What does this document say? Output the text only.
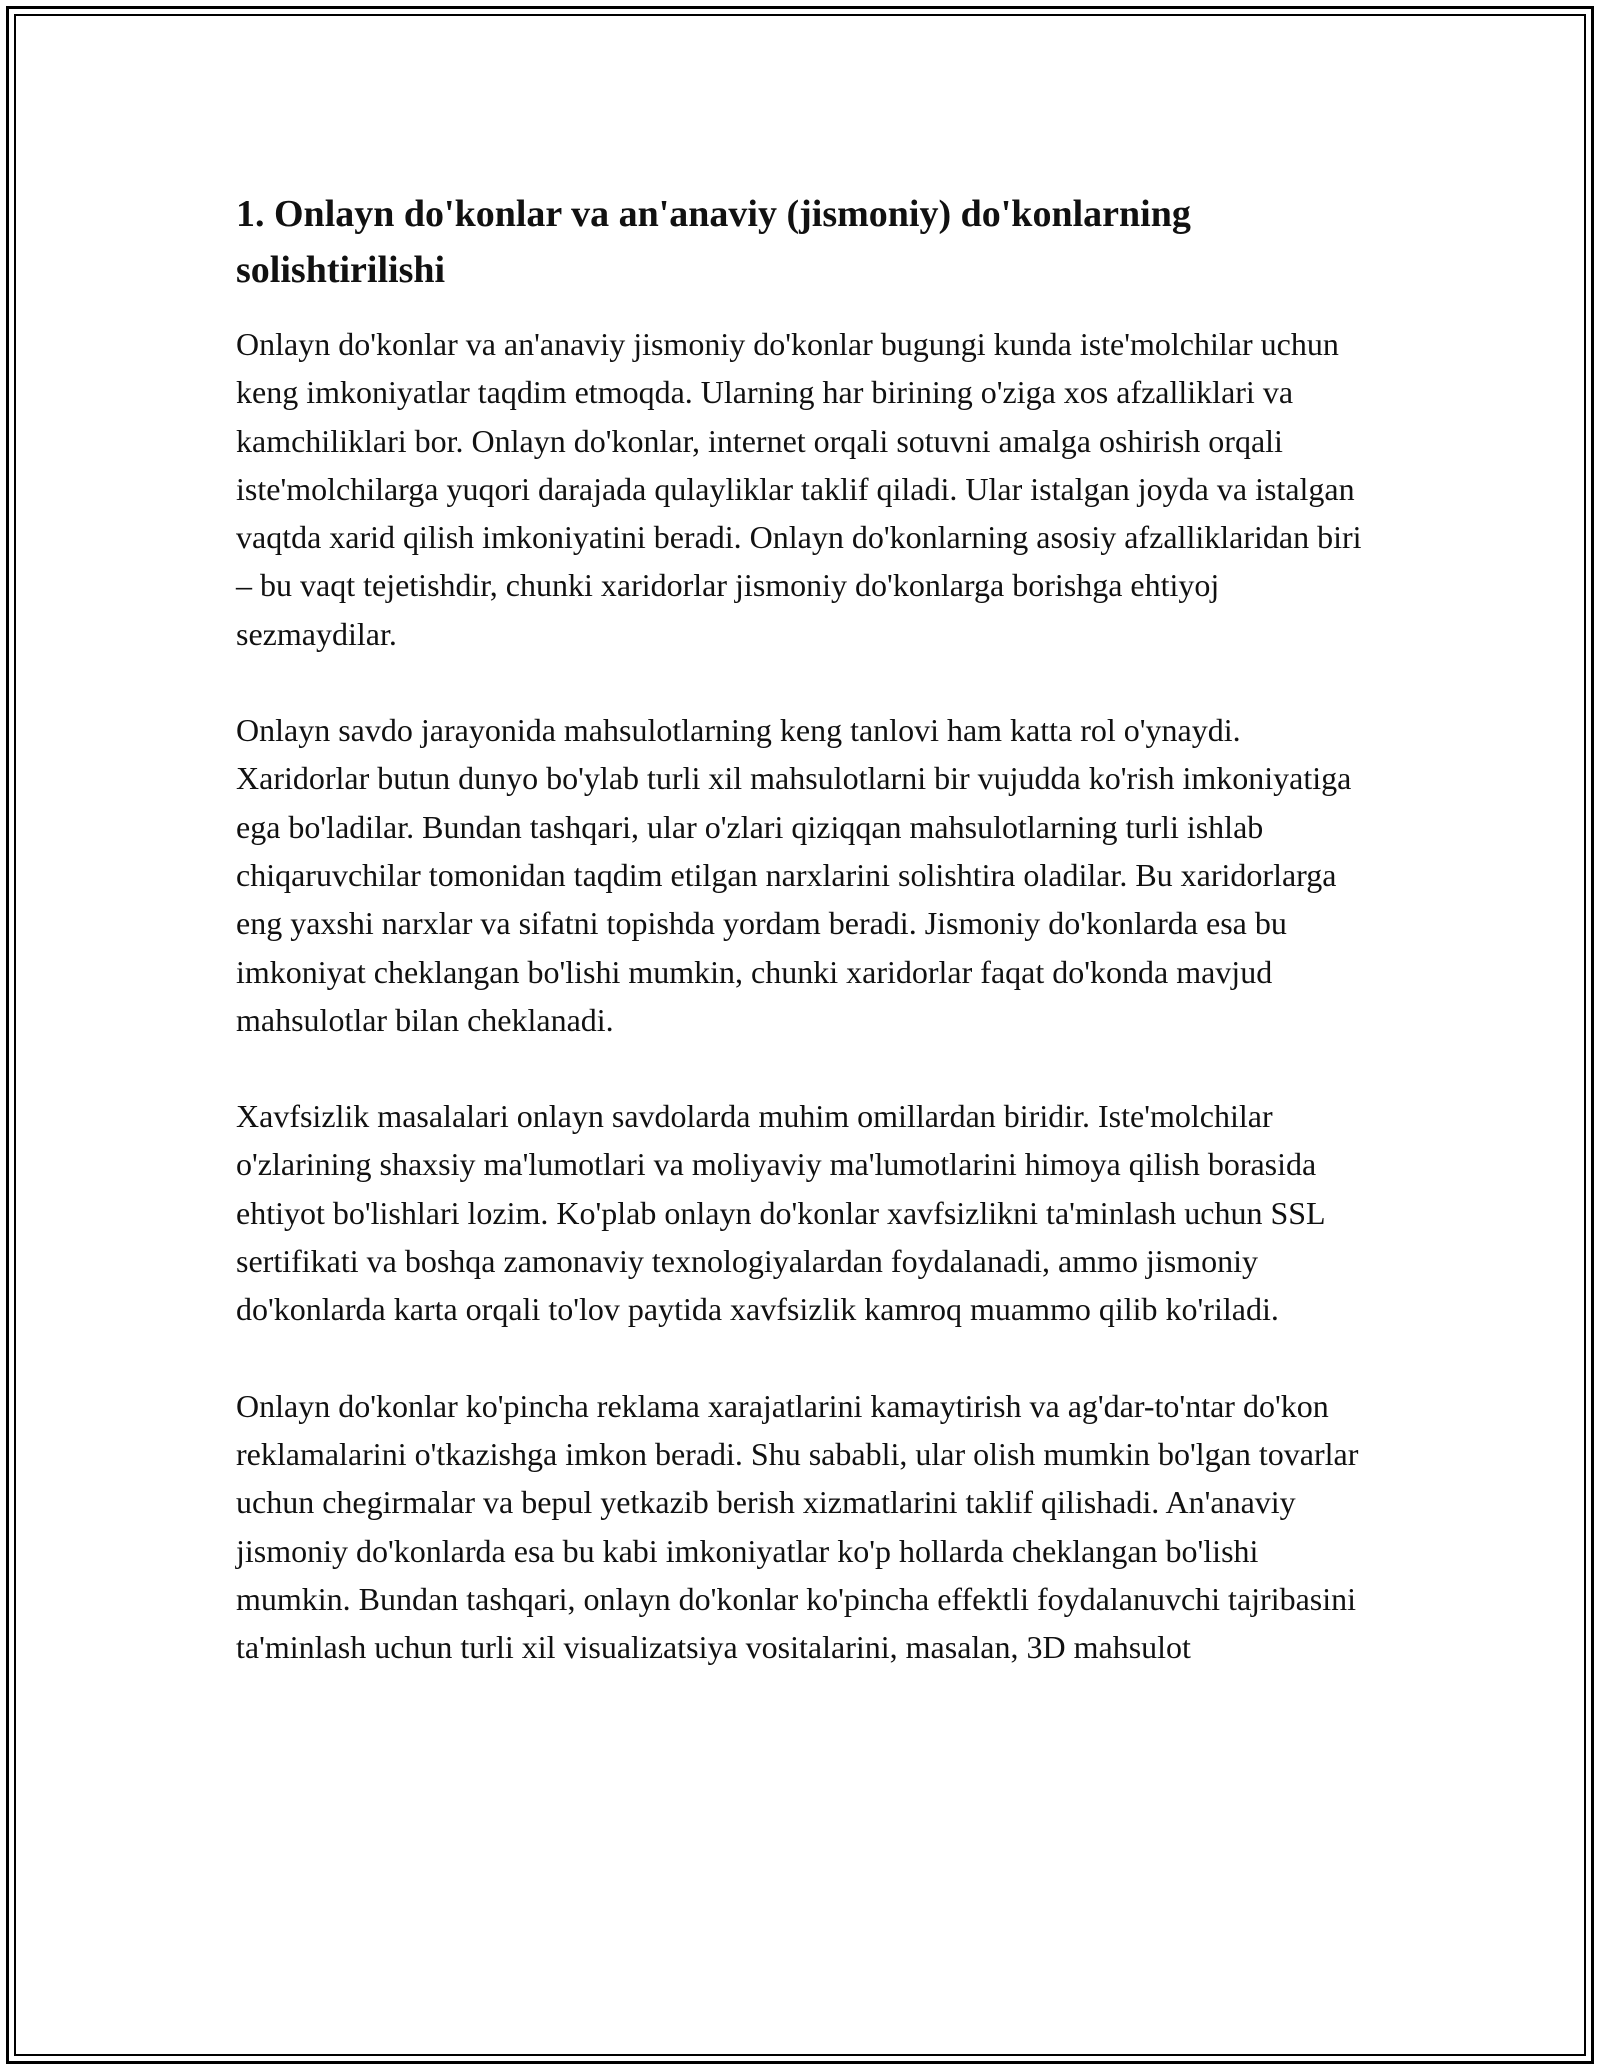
1. Onlayn do'konlar va an'anaviy (jismoniy) do'konlarning solishtirilishi

Onlayn do'konlar va an'anaviy jismoniy do'konlar bugungi kunda iste'molchilar uchun keng imkoniyatlar taqdim etmoqda. Ularning har birining o'ziga xos afzalliklari va kamchiliklari bor. Onlayn do'konlar, internet orqali sotuvni amalga oshirish orqali iste'molchilarga yuqori darajada qulayliklar taklif qiladi. Ular istalgan joyda va istalgan vaqtda xarid qilish imkoniyatini beradi. Onlayn do'konlarning asosiy afzalliklaridan biri – bu vaqt tejetishdir, chunki xaridorlar jismoniy do'konlarga borishga ehtiyoj sezmaydilar.

Onlayn savdo jarayonida mahsulotlarning keng tanlovi ham katta rol o'ynaydi. Xaridorlar butun dunyo bo'ylab turli xil mahsulotlarni bir vujudda ko'rish imkoniyatiga ega bo'ladilar. Bundan tashqari, ular o'zlari qiziqqan mahsulotlarning turli ishlab chiqaruvchilar tomonidan taqdim etilgan narxlarini solishtira oladilar. Bu xaridorlarga eng yaxshi narxlar va sifatni topishda yordam beradi. Jismoniy do'konlarda esa bu imkoniyat cheklangan bo'lishi mumkin, chunki xaridorlar faqat do'konda mavjud mahsulotlar bilan cheklanadi.

Xavfsizlik masalalari onlayn savdolarda muhim omillardan biridir. Iste'molchilar o'zlarining shaxsiy ma'lumotlari va moliyaviy ma'lumotlarini himoya qilish borasida ehtiyot bo'lishlari lozim. Ko'plab onlayn do'konlar xavfsizlikni ta'minlash uchun SSL sertifikati va boshqa zamonaviy texnologiyalardan foydalanadi, ammo jismoniy do'konlarda karta orqali to'lov paytida xavfsizlik kamroq muammo qilib ko'riladi.

Onlayn do'konlar ko'pincha reklama xarajatlarini kamaytirish va ag'dar-to'ntar do'kon reklamalarini o'tkazishga imkon beradi. Shu sababli, ular olish mumkin bo'lgan tovarlar uchun chegirmalar va bepul yetkazib berish xizmatlarini taklif qilishadi. An'anaviy jismoniy do'konlarda esa bu kabi imkoniyatlar ko'p hollarda cheklangan bo'lishi mumkin. Bundan tashqari, onlayn do'konlar ko'pincha effektli foydalanuvchi tajribasini ta'minlash uchun turli xil visualizatsiya vositalarini, masalan, 3D mahsulot
